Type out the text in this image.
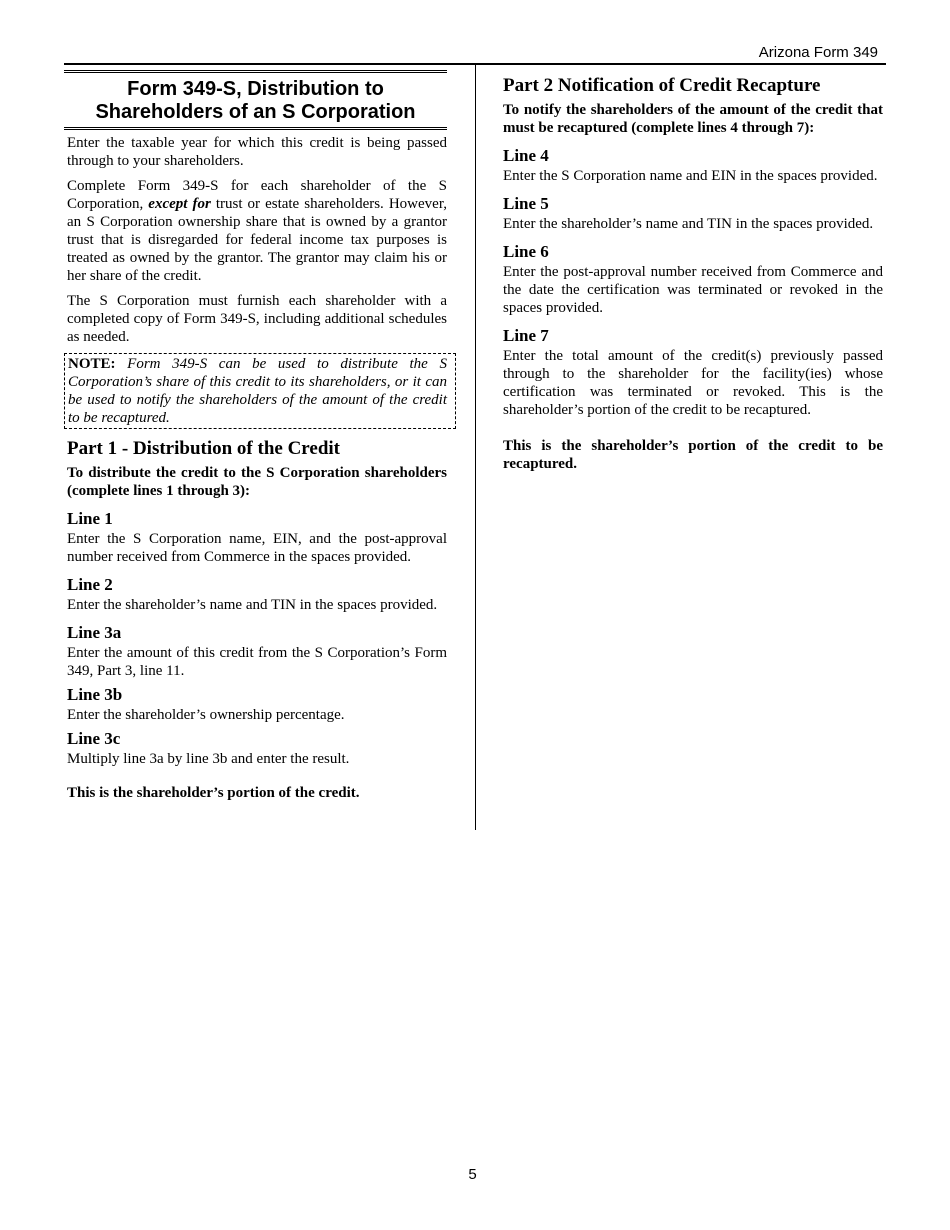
Arizona Form 349
Form 349-S, Distribution to
Shareholders of an S Corporation

Enter the taxable year for which this credit is being passed through to your shareholders.

Complete Form 349-S for each shareholder of the S Corporation, except for trust or estate shareholders. However, an S Corporation ownership share that is owned by a grantor trust that is disregarded for federal income tax purposes is treated as owned by the grantor. The grantor may claim his or her share of the credit.

The S Corporation must furnish each shareholder with a completed copy of Form 349-S, including additional schedules as needed.

NOTE: Form 349-S can be used to distribute the S Corporation’s share of this credit to its shareholders, or it can be used to notify the shareholders of the amount of the credit to be recaptured.
Part 1 - Distribution of the Credit

To distribute the credit to the S Corporation shareholders (complete lines 1 through 3):

Line 1

Enter the S Corporation name, EIN, and the post-approval number received from Commerce in the spaces provided.

Line 2

Enter the shareholder’s name and TIN in the spaces provided.

Line 3a

Enter the amount of this credit from the S Corporation’s Form 349, Part 3, line 11.

Line 3b

Enter the shareholder’s ownership percentage.

Line 3c

Multiply line 3a by line 3b and enter the result.

This is the shareholder’s portion of the credit.

Part 2 Notification of Credit Recapture

To notify the shareholders of the amount of the credit that must be recaptured (complete lines 4 through 7):

Line 4

Enter the S Corporation name and EIN in the spaces provided.

Line 5

Enter the shareholder’s name and TIN in the spaces provided.

Line 6

Enter the post-approval number received from Commerce and the date the certification was terminated or revoked in the spaces provided.

Line 7

Enter the total amount of the credit(s) previously passed through to the shareholder for the facility(ies) whose certification was terminated or revoked. This is the shareholder’s portion of the credit to be recaptured.

This is the shareholder’s portion of the credit to be recaptured.

5
